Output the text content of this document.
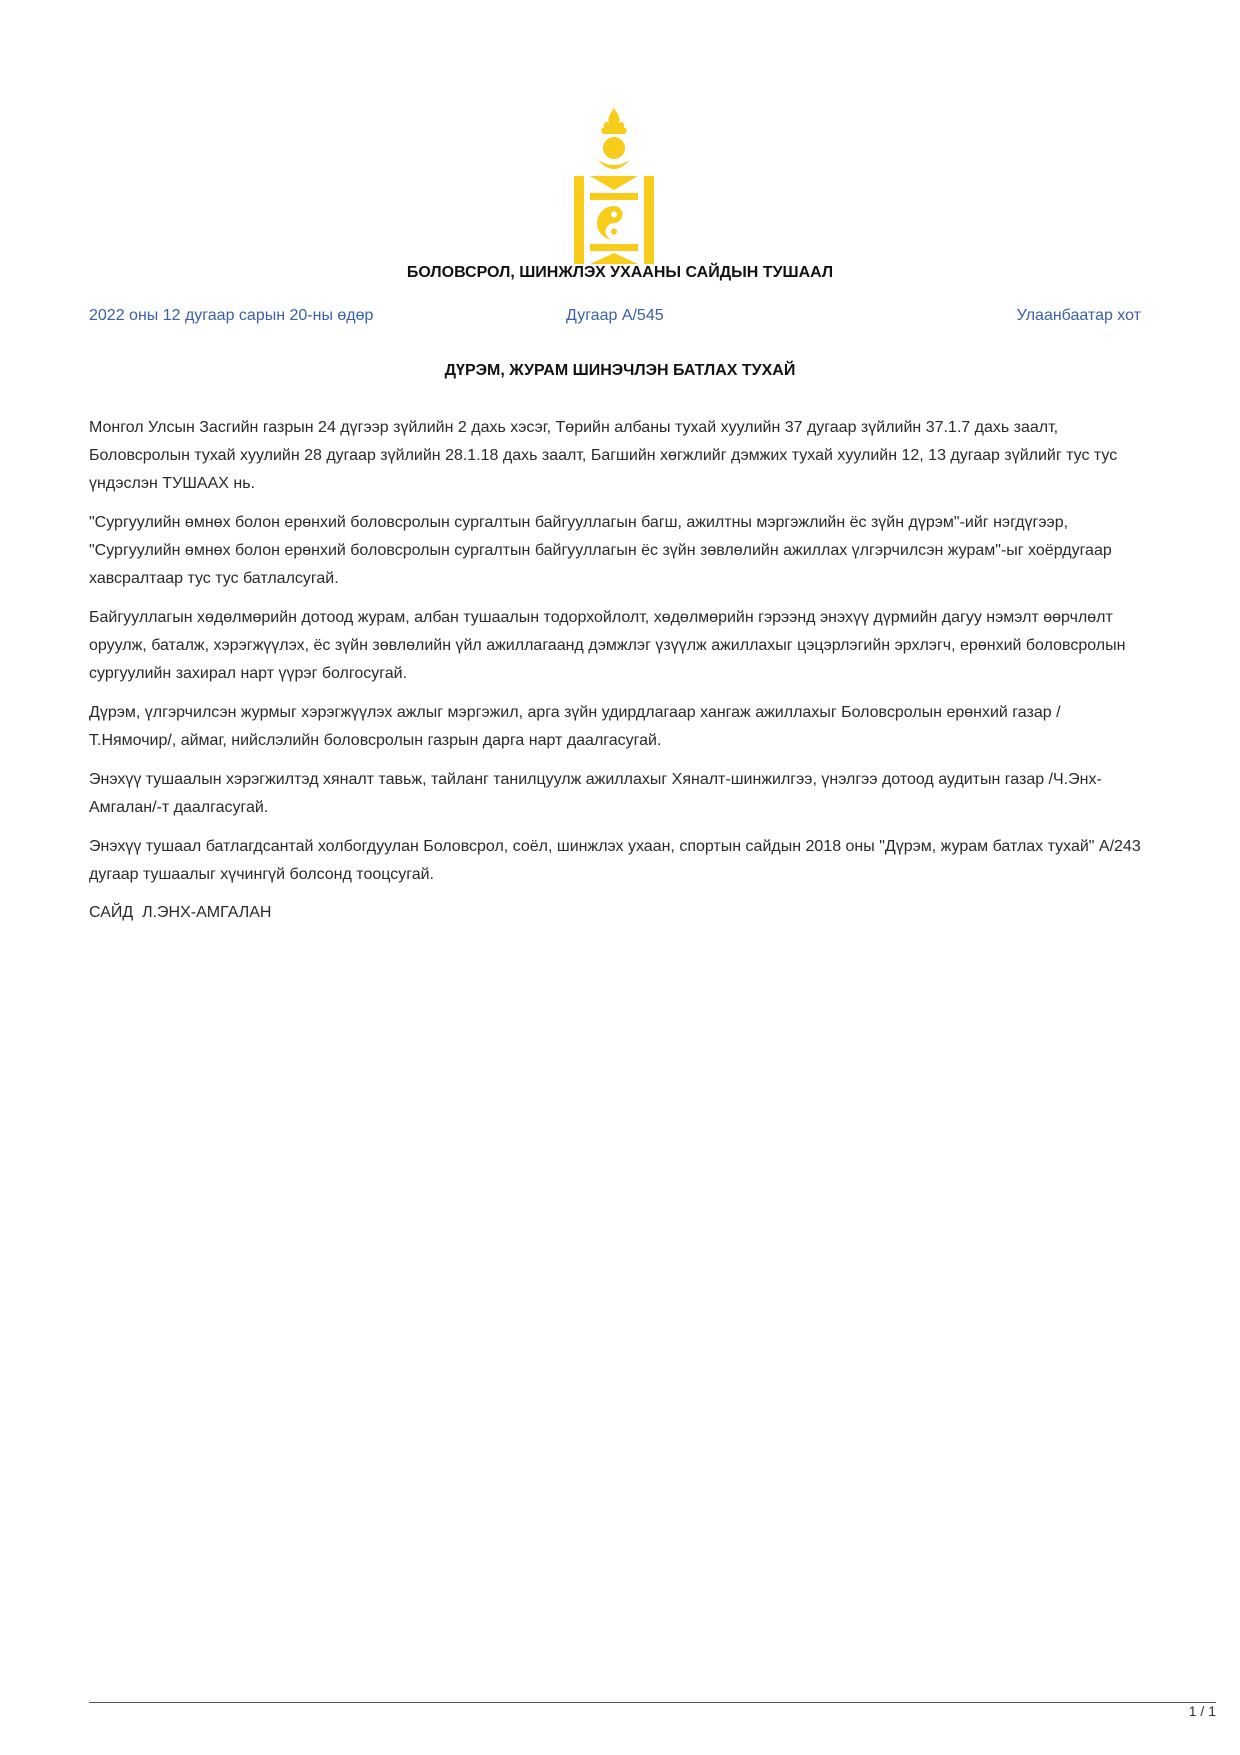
БОЛОВСРОЛ, ШИНЖЛЭХ УХААНЫ САЙДЫН ТУШААЛ
2022 оны 12 дугаар сарын 20-ны өдөр	Дугаар А/545	Улаанбаатар хот
ДҮРЭМ, ЖУРАМ ШИНЭЧЛЭН БАТЛАХ ТУХАЙ

Монгол Улсын Засгийн газрын 24 дүгээр зүйлийн 2 дахь хэсэг, Төрийн албаны тухай хуулийн 37 дугаар зүйлийн 37.1.7 дахь заалт, Боловсролын тухай хуулийн 28 дугаар зүйлийн 28.1.18 дахь заалт, Багшийн хөгжлийг дэмжих тухай хуулийн 12, 13 дугаар зүйлийг тус тус үндэслэн ТУШААХ нь.

"Сургуулийн өмнөх болон ерөнхий боловсролын сургалтын байгууллагын багш, ажилтны мэргэжлийн ёс зүйн дүрэм"-ийг нэгдүгээр, "Сургуулийн өмнөх болон ерөнхий боловсролын сургалтын байгууллагын ёс зүйн зөвлөлийн ажиллах үлгэрчилсэн журам"-ыг хоёрдугаар хавсралтаар тус тус батлалсугай.

Байгууллагын хөдөлмөрийн дотоод журам, албан тушаалын тодорхойлолт, хөдөлмөрийн гэрээнд энэхүү дүрмийн дагуу нэмэлт өөрчлөлт оруулж, баталж, хэрэгжүүлэх, ёс зүйн зөвлөлийн үйл ажиллагаанд дэмжлэг үзүүлж ажиллахыг цэцэрлэгийн эрхлэгч, ерөнхий боловсролын сургуулийн захирал нарт үүрэг болгосугай.

Дүрэм, үлгэрчилсэн журмыг хэрэгжүүлэх ажлыг мэргэжил, арга зүйн удирдлагаар хангаж ажиллахыг Боловсролын ерөнхий газар /Т.Нямочир/, аймаг, нийслэлийн боловсролын газрын дарга нарт даалгасугай.

Энэхүү тушаалын хэрэгжилтэд хяналт тавьж, тайланг танилцуулж ажиллахыг Хяналт-шинжилгээ, үнэлгээ дотоод аудитын газар /Ч.Энх-Амгалан/-т даалгасугай.

Энэхүү тушаал батлагдсантай холбогдуулан Боловсрол, соёл, шинжлэх ухаан, спортын сайдын 2018 оны "Дүрэм, журам батлах тухай" А/243 дугаар тушаалыг хүчингүй болсонд тооцсугай.

САЙД  Л.ЭНХ-АМГАЛАН
1 / 1
